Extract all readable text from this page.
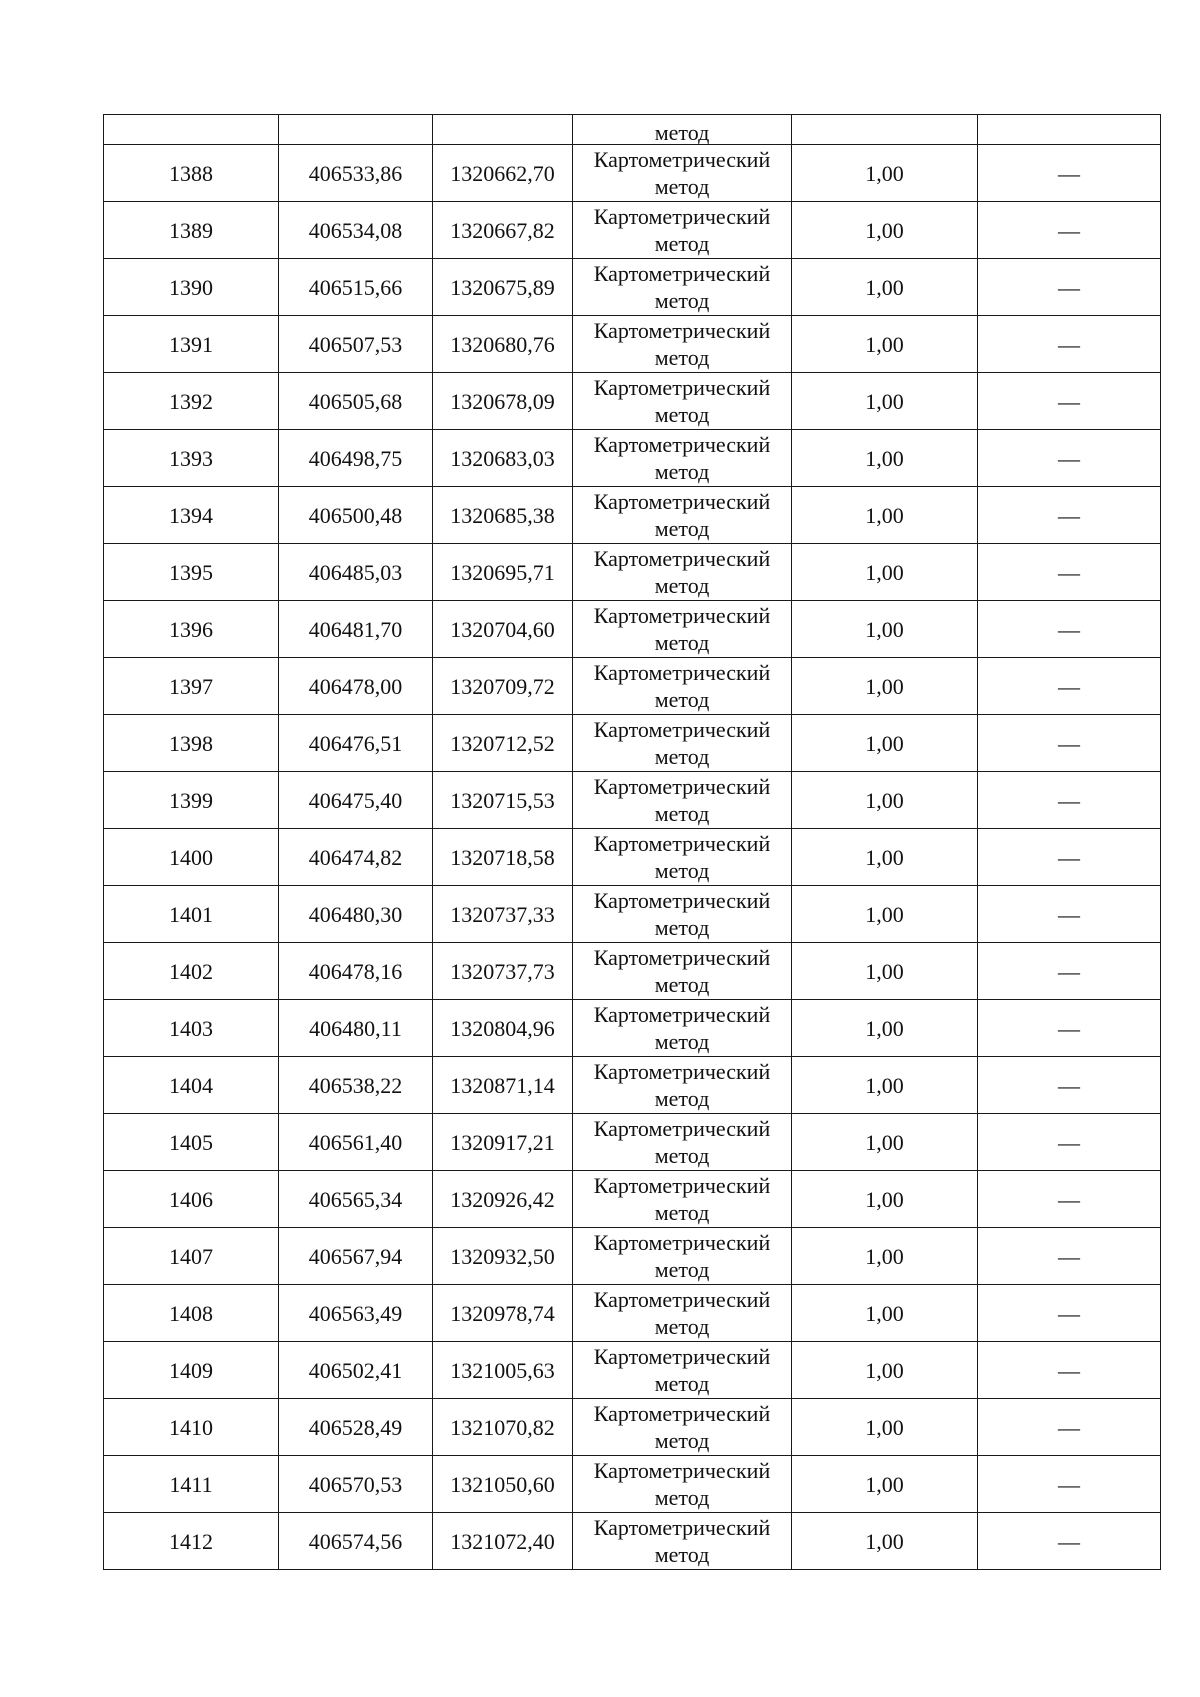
			метод		
1388	406533,86	1320662,70	Картометрический
метод	1,00	—
1389	406534,08	1320667,82	Картометрический
метод	1,00	—
1390	406515,66	1320675,89	Картометрический
метод	1,00	—
1391	406507,53	1320680,76	Картометрический
метод	1,00	—
1392	406505,68	1320678,09	Картометрический
метод	1,00	—
1393	406498,75	1320683,03	Картометрический
метод	1,00	—
1394	406500,48	1320685,38	Картометрический
метод	1,00	—
1395	406485,03	1320695,71	Картометрический
метод	1,00	—
1396	406481,70	1320704,60	Картометрический
метод	1,00	—
1397	406478,00	1320709,72	Картометрический
метод	1,00	—
1398	406476,51	1320712,52	Картометрический
метод	1,00	—
1399	406475,40	1320715,53	Картометрический
метод	1,00	—
1400	406474,82	1320718,58	Картометрический
метод	1,00	—
1401	406480,30	1320737,33	Картометрический
метод	1,00	—
1402	406478,16	1320737,73	Картометрический
метод	1,00	—
1403	406480,11	1320804,96	Картометрический
метод	1,00	—
1404	406538,22	1320871,14	Картометрический
метод	1,00	—
1405	406561,40	1320917,21	Картометрический
метод	1,00	—
1406	406565,34	1320926,42	Картометрический
метод	1,00	—
1407	406567,94	1320932,50	Картометрический
метод	1,00	—
1408	406563,49	1320978,74	Картометрический
метод	1,00	—
1409	406502,41	1321005,63	Картометрический
метод	1,00	—
1410	406528,49	1321070,82	Картометрический
метод	1,00	—
1411	406570,53	1321050,60	Картометрический
метод	1,00	—
1412	406574,56	1321072,40	Картометрический
метод	1,00	—
